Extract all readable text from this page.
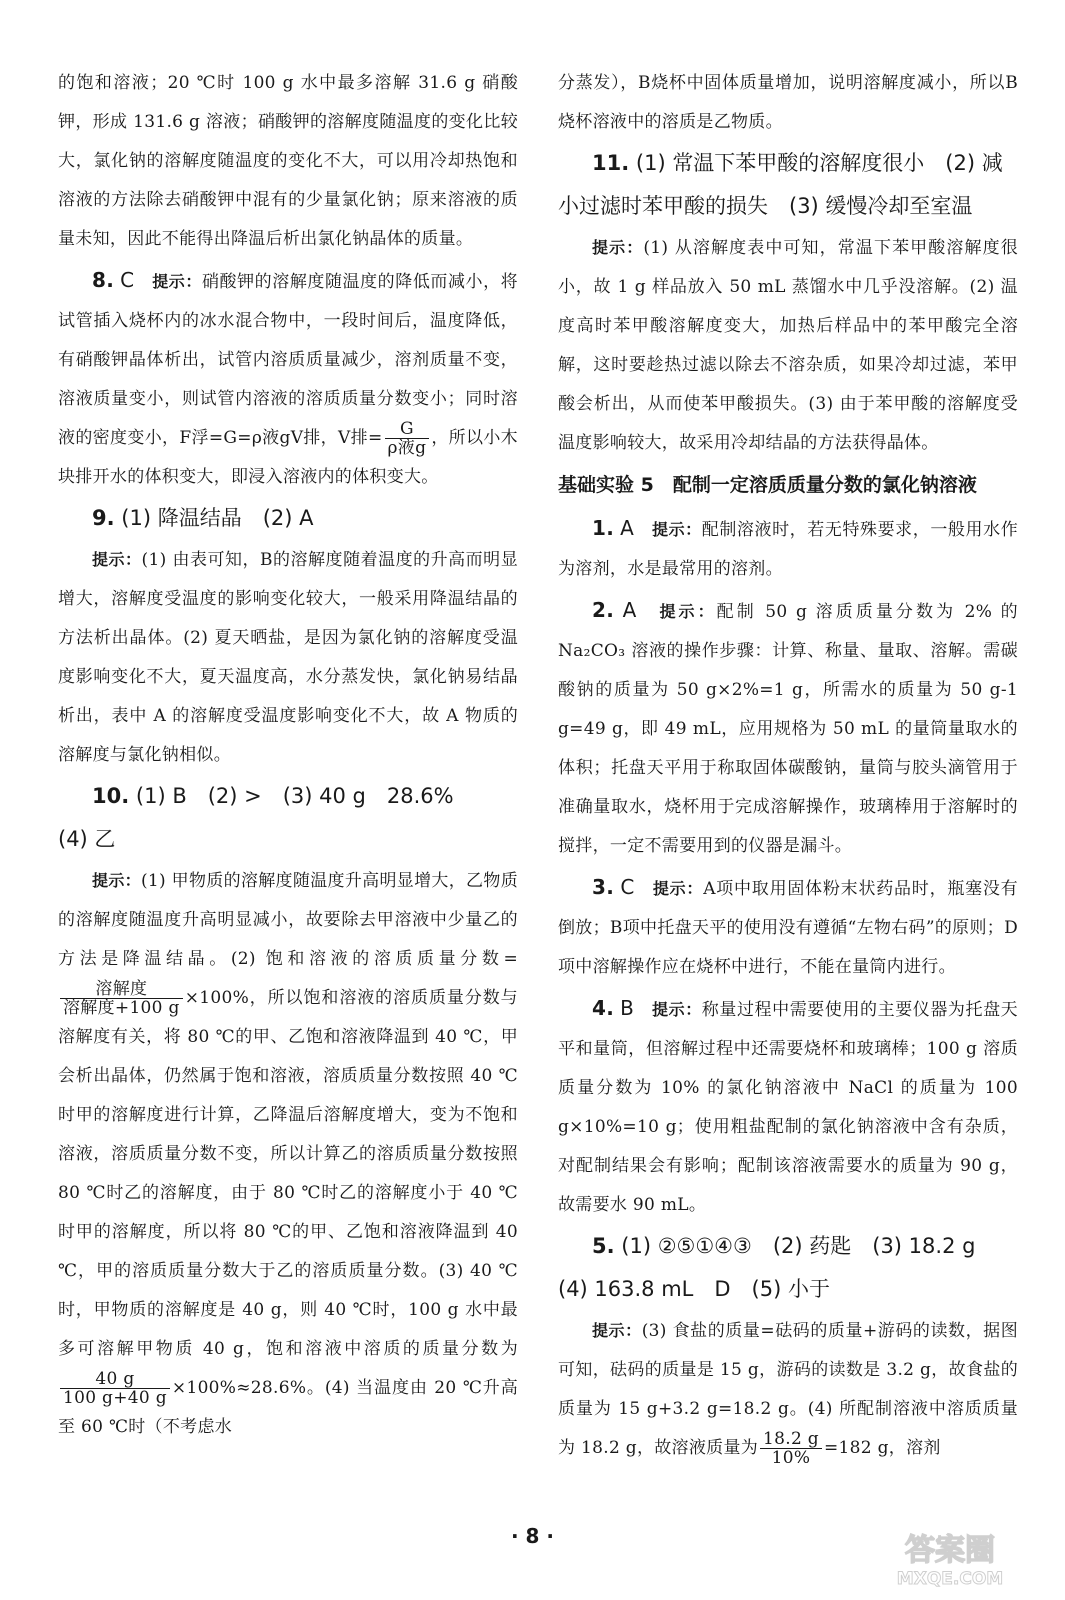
的饱和溶液；20 ℃时 100 g 水中最多溶解 31.6 g 硝酸钾，形成 131.6 g 溶液；硝酸钾的溶解度随温度的变化比较大，氯化钠的溶解度随温度的变化不大，可以用冷却热饱和溶液的方法除去硝酸钾中混有的少量氯化钠；原来溶液的质量未知，因此不能得出降温后析出氯化钠晶体的质量。

8. C　 提示：硝酸钾的溶解度随温度的降低而减小，将试管插入烧杯内的冰水混合物中，一段时间后，温度降低，有硝酸钾晶体析出，试管内溶质质量减少，溶剂质量不变，溶液质量变小，则试管内溶液的溶质质量分数变小；同时溶液的密度变小，F浮=G=ρ液gV排，V排= $\frac{G}{\text{ρ液g}}$ ，所以小木块排开水的体积变大，即浸入溶液内的体积变大。

9. (1) 降温结晶　(2) A

提示：(1) 由表可知，B的溶解度随着温度的升高而明显增大，溶解度受温度的影响变化较大，一般采用降温结晶的方法析出晶体。(2) 夏天晒盐，是因为氯化钠的溶解度受温度影响变化不大，夏天温度高，水分蒸发快，氯化钠易结晶析出，表中 A 的溶解度受温度影响变化不大，故 A 物质的溶解度与氯化钠相似。

10. (1) B　(2) >　(3) 40 g　28.6%

(4) 乙

提示：(1) 甲物质的溶解度随温度升高明显增大，乙物质的溶解度随温度升高明显减小，故要除去甲溶液中少量乙的方法是降温结晶。(2) 饱和溶液的溶质质量分数=
$\frac{\text{溶解度}}{\text{溶解度+100 g}} \times 100\%$，所以饱和溶液的溶质质量分数与溶解度有关，将 80 ℃的甲、乙饱和溶液降温到 40 ℃，甲会析出晶体，仍然属于饱和溶液，溶质质量分数按照 40 ℃时甲的溶解度进行计算，乙降温后溶解度增大，变为不饱和溶液，溶质质量分数不变，所以计算乙的溶质质量分数按照 80 ℃时乙的溶解度，由于 80 ℃时乙的溶解度小于 40 ℃时甲的溶解度，所以将 80 ℃的甲、乙饱和溶液降温到 40 ℃，甲的溶质质量分数大于乙的溶质质量分数。(3) 40 ℃时，甲物质的溶解度是 40 g，则 40 ℃时，100 g 水中最多可溶解甲物质 40 g，饱和溶液中溶质的质量分数为
$\frac{40 g}{100 g+40 g} \times 100\%\approx 28.6\%$。(4) 当温度由 20 ℃升高至 60 ℃时（不考虑水

分蒸发），B烧杯中固体质量增加，说明溶解度减小，所以B烧杯溶液中的溶质是乙物质。

11. (1) 常温下苯甲酸的溶解度很小　(2) 减小过滤时苯甲酸的损失　(3) 缓慢冷却至室温

提示：(1) 从溶解度表中可知，常温下苯甲酸溶解度很小，故 1 g 样品放入 50 mL 蒸馏水中几乎没溶解。(2) 温度高时苯甲酸溶解度变大，加热后样品中的苯甲酸完全溶解，这时要趁热过滤以除去不溶杂质，如果冷却过滤，苯甲酸会析出，从而使苯甲酸损失。(3) 由于苯甲酸的溶解度受温度影响较大，故采用冷却结晶的方法获得晶体。

基础实验 5　配制一定溶质质量分数的氯化钠溶液

1. A　 提示：配制溶液时，若无特殊要求，一般用水作为溶剂，水是最常用的溶剂。

2. A　 提示：配制 50 g 溶质质量分数为 2% 的 Na₂CO₃ 溶液的操作步骤：计算、称量、量取、溶解。需碳酸钠的质量为 50 g×2%=1 g，所需水的质量为 50 g-1 g=49 g，即 49 mL，应用规格为 50 mL 的量筒量取水的体积；托盘天平用于称取固体碳酸钠，量筒与胶头滴管用于准确量取水，烧杯用于完成溶解操作，玻璃棒用于溶解时的搅拌，一定不需要用到的仪器是漏斗。

3. C　 提示：A项中取用固体粉末状药品时，瓶塞没有倒放；B项中托盘天平的使用没有遵循“左物右码”的原则；D项中溶解操作应在烧杯中进行，不能在量筒内进行。

4. B　 提示：称量过程中需要使用的主要仪器为托盘天平和量筒，但溶解过程中还需要烧杯和玻璃棒；100 g 溶质质量分数为 10% 的氯化钠溶液中 NaCl 的质量为 100 g×10%=10 g；使用粗盐配制的氯化钠溶液中含有杂质，对配制结果会有影响；配制该溶液需要水的质量为 90 g，故需要水 90 mL。

5. (1) ②⑤①④③　(2) 药匙　(3) 18.2 g

(4) 163.8 mL　D　(5) 小于

提示：(3) 食盐的质量=砝码的质量+游码的读数，据图可知，砝码的质量是 15 g，游码的读数是 3.2 g，故食盐的质量为 15 g+3.2 g=18.2 g。(4) 所配制溶液中溶质质量为 18.2 g，故溶液质量为 $\frac{18.2 g}{10\%} =182$ g，溶剂

· 8 ·	答案圈
MXQE.COM
